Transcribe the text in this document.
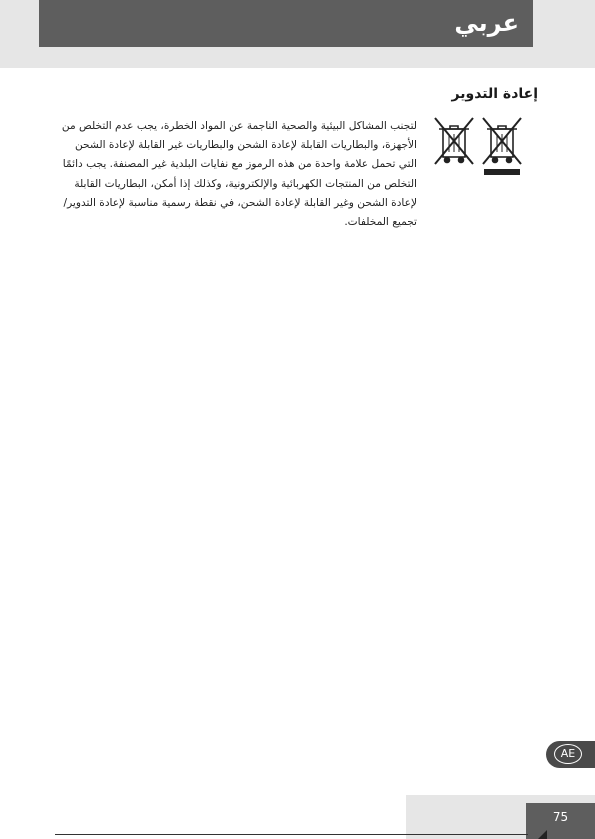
عربي
إعادة التدوير
لتجنب المشاكل البيئية والصحية الناجمة عن المواد الخطرة، يجب عدم التخلص من
الأجهزة، والبطاريات القابلة لإعادة الشحن والبطاريات غير القابلة لإعادة الشحن
التي تحمل علامة واحدة من هذه الرموز مع نفايات البلدية غير المصنفة. يجب دائمًا
التخلص من المنتجات الكهربائية والإلكترونية، وكذلك إذا أمكن، البطاريات القابلة
لإعادة الشحن وغير القابلة لإعادة الشحن، في نقطة رسمية مناسبة لإعادة التدوير/
تجميع المخلفات.
AE
75
